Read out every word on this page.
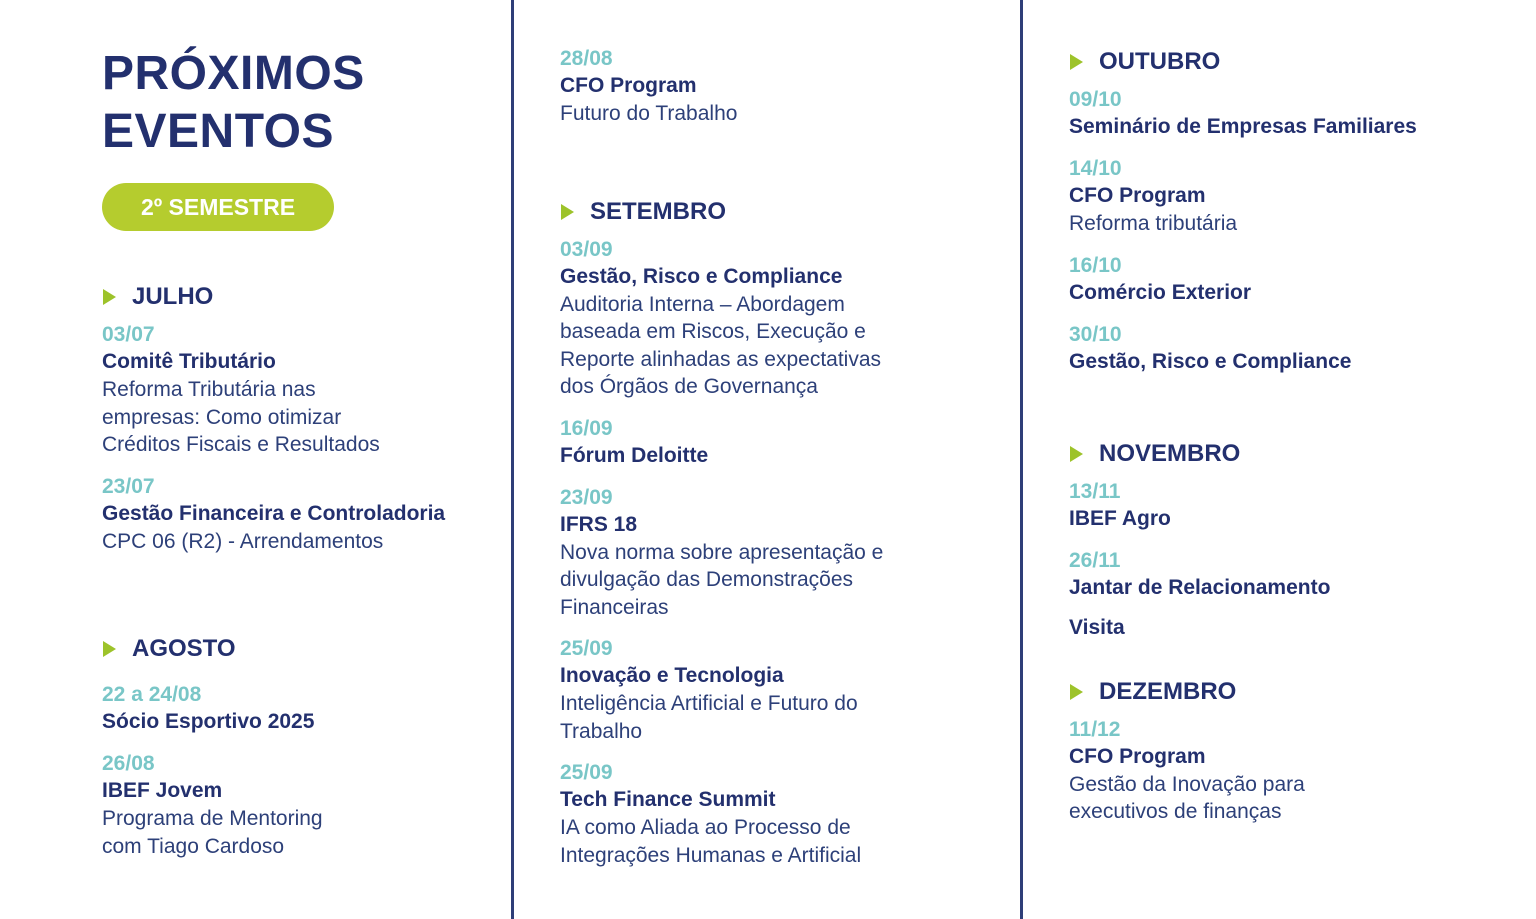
PRÓXIMOS
EVENTOS
2º SEMESTRE
JULHO
03/07
Comitê Tributário
Reforma Tributária nas
empresas: Como otimizar
Créditos Fiscais e Resultados
23/07
Gestão Financeira e Controladoria
CPC 06 (R2) - Arrendamentos
AGOSTO
22 a 24/08
Sócio Esportivo 2025
26/08
IBEF Jovem
Programa de Mentoring
com Tiago Cardoso
28/08
CFO Program
Futuro do Trabalho
SETEMBRO
03/09
Gestão, Risco e Compliance
Auditoria Interna – Abordagem
baseada em Riscos, Execução e
Reporte alinhadas as expectativas
dos Órgãos de Governança
16/09
Fórum Deloitte
23/09
IFRS 18
Nova norma sobre apresentação e
divulgação das Demonstrações
Financeiras
25/09
Inovação e Tecnologia
Inteligência Artificial e Futuro do
Trabalho
25/09
Tech Finance Summit
IA como Aliada ao Processo de
Integrações Humanas e Artificial
OUTUBRO
09/10
Seminário de Empresas Familiares
14/10
CFO Program
Reforma tributária
16/10
Comércio Exterior
30/10
Gestão, Risco e Compliance
NOVEMBRO
13/11
IBEF Agro
26/11
Jantar de Relacionamento
Visita
DEZEMBRO
11/12
CFO Program
Gestão da Inovação para
executivos de finanças
